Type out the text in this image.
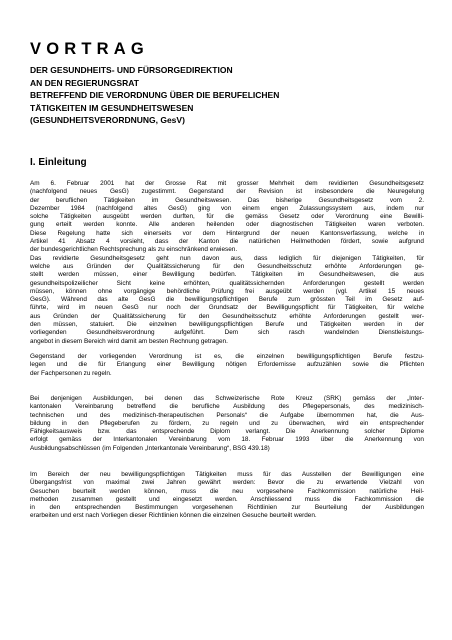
VORTRAG
DER GESUNDHEITS- UND FÜRSORGEDIREKTION
AN DEN REGIERUNGSRAT
BETREFFEND DIE VERORDNUNG ÜBER DIE BERUFELICHEN
TÄTIGKEITEN IM GESUNDHEITSWESEN
(GESUNDHEITSVERORDNUNG, GesV)
I. Einleitung
Am 6. Februar 2001 hat der Grosse Rat mit grosser Mehrheit dem revidierten Gesundheitsgesetz
(nachfolgend neues GesG) zugestimmt. Gegenstand der Revision ist insbesondere die Neuregelung
der beruflichen Tätigkeiten im Gesundheitswesen. Das bisherige Gesundheitsgesetz vom 2.
Dezember 1984 (nachfolgend altes GesG) ging von einem engen Zulassungssystem aus, indem nur
solche Tätigkeiten ausgeübt werden durften, für die gemäss Gesetz oder Verordnung eine Bewilli-
gung erteilt werden konnte. Alle anderen heilenden oder diagnostischen Tätigkeiten waren verboten.
Diese Regelung hatte sich einerseits vor dem Hintergrund der neuen Kantonsverfassung, welche in
Artikel 41 Absatz 4 vorsieht, dass der Kanton die natürlichen Heilmethoden fördert, sowie aufgrund
der bundesgerichtlichen Rechtsprechung als zu einschränkend erwiesen.
Das revidierte Gesundheitsgesetz geht nun davon aus, dass lediglich für diejenigen Tätigkeiten, für
welche aus Gründen der Qualitätssicherung für den Gesundheitsschutz erhöhte Anforderungen ge-
stellt werden müssen, einer Bewilligung bedürfen. Tätigkeiten im Gesundheitswesen, die aus
gesundheitspolizeilicher Sicht keine erhöhten, qualitätssichernden Anforderungen gestellt werden
müssen, können ohne vorgängige behördliche Prüfung frei ausgeübt werden (vgl. Artikel 15 neues
GesG). Während das alte GesG die bewilligungspflichtigen Berufe zum grössten Teil im Gesetz auf-
führte, wird im neuen GesG nur noch der Grundsatz der Bewilligungspflicht für Tätigkeiten, für welche
aus Gründen der Qualitätssicherung für den Gesundheitsschutz erhöhte Anforderungen gestellt wer-
den müssen, statuiert. Die einzelnen bewilligungspflichtigen Berufe und Tätigkeiten werden in der
vorliegenden Gesundheitsverordnung aufgeführt. Dem sich rasch wandelnden Dienstleistungs-
angebot in diesem Bereich wird damit am besten Rechnung getragen.
Gegenstand der vorliegenden Verordnung ist es, die einzelnen bewilligungspflichtigen Berufe festzu-
legen und die für Erlangung einer Bewilligung nötigen Erfordernisse aufzuzählen sowie die Pflichten
der Fachpersonen zu regeln.
Bei denjenigen Ausbildungen, bei denen das Schweizerische Rote Kreuz (SRK) gemäss der „Inter-
kantonalen Vereinbarung betreffend die berufliche Ausbildung des Pflegepersonals, des medizinisch-
technischen und des medizinisch-therapeutischen Personals“ die Aufgabe übernommen hat, die Aus-
bildung in den Pflegeberufen zu fördern, zu regeln und zu überwachen, wird ein entsprechender
Fähigkeitsausweis bzw. das entsprechende Diplom verlangt. Die Anerkennung solcher Diplome
erfolgt gemäss der Interkantonalen Vereinbarung vom 18. Februar 1993 über die Anerkennung von
Ausbildungsabschlüssen (im Folgenden „Interkantonale Vereinbarung“, BSG 439.18)
Im Bereich der neu bewilligungspflichtigen Tätigkeiten muss für das Ausstellen der Bewilligungen eine
Übergangsfrist von maximal zwei Jahren gewährt werden: Bevor die zu erwartende Vielzahl von
Gesuchen beurteilt werden können, muss die neu vorgesehene Fachkommission natürliche Heil-
methoden zusammen gestellt und eingesetzt werden. Anschliessend muss die Fachkommission die
in den entsprechenden Bestimmungen vorgesehenen Richtlinien zur Beurteilung der Ausbildungen
erarbeiten und erst nach Vorliegen dieser Richtlinien können die einzelnen Gesuche beurteilt werden.
